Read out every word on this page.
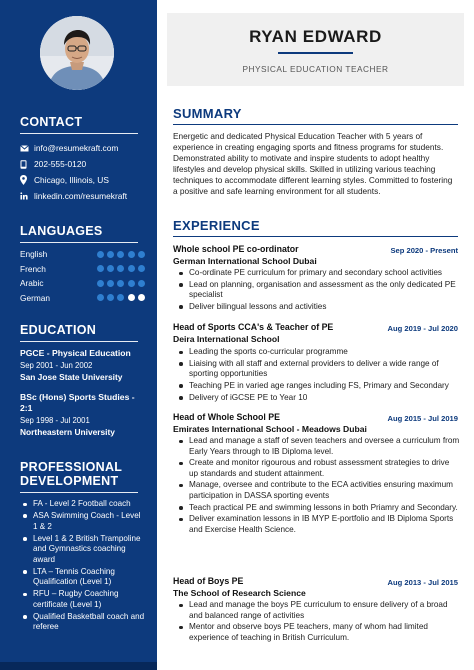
CONTACT
info@resumekraft.com
202-555-0120
Chicago, Illinois, US
linkedin.com/resumekraft
LANGUAGES
English
French
Arabic
German
EDUCATION
PGCE - Physical Education
Sep 2001 - Jun 2002
San Jose State University
BSc (Hons) Sports Studies - 2:1
Sep 1998 - Jul 2001
Northeastern University
PROFESSIONAL
DEVELOPMENT
FA - Level 2 Football coach
ASA Swimming Coach - Level 1 & 2
Level 1 & 2 British Trampoline and Gymnastics coaching award
LTA – Tennis Coaching Qualification (Level 1)
RFU – Rugby Coaching certificate (Level 1)
Qualified Basketball coach and referee
RYAN EDWARD
PHYSICAL EDUCATION TEACHER
SUMMARY

Energetic and dedicated Physical Education Teacher with 5 years of experience in creating engaging sports and fitness programs for students. Demonstrated ability to motivate and inspire students to adopt healthy lifestyles and develop physical skills. Skilled in utilizing various teaching techniques to accommodate different learning styles. Committed to fostering a positive and safe learning environment for all students.

EXPERIENCE
Whole school PE co-ordinator	Sep 2020 - Present
German International School Dubai
Co-ordinate PE curriculum for primary and secondary school activities
Lead on planning, organisation and assessment as the only dedicated PE specialist
Deliver bilingual lessons and activities
Head of Sports CCA's & Teacher of PE	Aug 2019 - Jul 2020
Deira International School
Leading the sports co-curricular programme
Liaising with all staff and external providers to deliver a wide range of sporting opportunities
Teaching PE in varied age ranges including FS, Primary and Secondary
Delivery of iGCSE PE to Year 10
Head of Whole School PE	Aug 2015 - Jul 2019
Emirates International School - Meadows Dubai
Lead and manage a staff of seven teachers and oversee a curriculum from Early Years through to IB Diploma level.
Create and monitor rigourous and robust assessment strategies to drive up standards and student attainment.
Manage, oversee and contribute to the ECA activities ensuring maximum participation in DASSA sporting events
Teach practical PE and swimming lessons in both Priamry and Secondary.
Deliver examination lessons in IB MYP E-portfolio and IB Diploma Sports and Exercise Health Science.
Head of Boys PE	Aug 2013 - Jul 2015
The School of Research Science
Lead and manage the boys PE curriculum to ensure delivery of a broad and balanced range of activities
Mentor and observe boys PE teachers, many of whom had limited experience of teaching in British Curriculum.
